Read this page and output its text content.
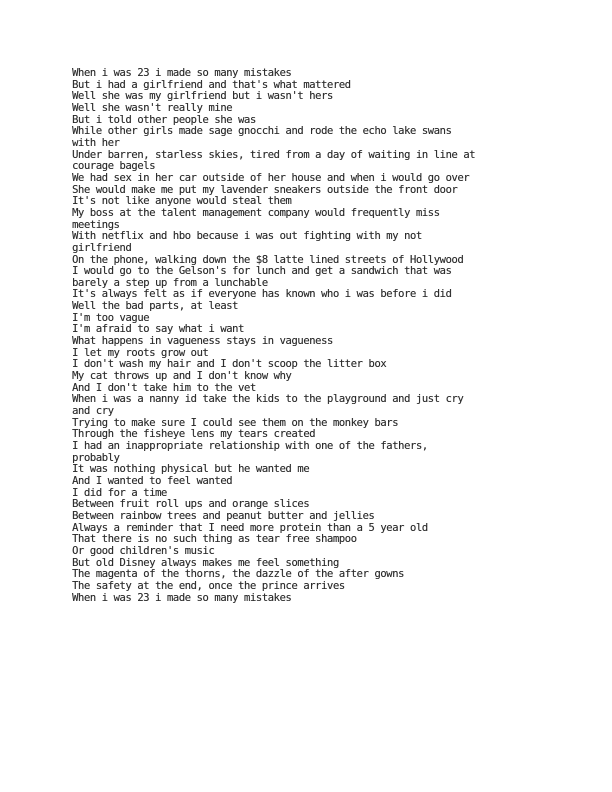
When i was 23 i made so many mistakes
But i had a girlfriend and that's what mattered
Well she was my girlfriend but i wasn't hers
Well she wasn't really mine
But i told other people she was
While other girls made sage gnocchi and rode the echo lake swans
with her
Under barren, starless skies, tired from a day of waiting in line at
courage bagels
We had sex in her car outside of her house and when i would go over
She would make me put my lavender sneakers outside the front door
It's not like anyone would steal them
My boss at the talent management company would frequently miss
meetings
With netflix and hbo because i was out fighting with my not
girlfriend
On the phone, walking down the $8 latte lined streets of Hollywood
I would go to the Gelson's for lunch and get a sandwich that was
barely a step up from a lunchable
It's always felt as if everyone has known who i was before i did
Well the bad parts, at least
I'm too vague
I'm afraid to say what i want
What happens in vagueness stays in vagueness
I let my roots grow out
I don't wash my hair and I don't scoop the litter box
My cat throws up and I don't know why
And I don't take him to the vet
When i was a nanny id take the kids to the playground and just cry
and cry
Trying to make sure I could see them on the monkey bars
Through the fisheye lens my tears created
I had an inappropriate relationship with one of the fathers,
probably
It was nothing physical but he wanted me
And I wanted to feel wanted
I did for a time
Between fruit roll ups and orange slices
Between rainbow trees and peanut butter and jellies
Always a reminder that I need more protein than a 5 year old
That there is no such thing as tear free shampoo
Or good children's music
But old Disney always makes me feel something
The magenta of the thorns, the dazzle of the after gowns
The safety at the end, once the prince arrives
When i was 23 i made so many mistakes
